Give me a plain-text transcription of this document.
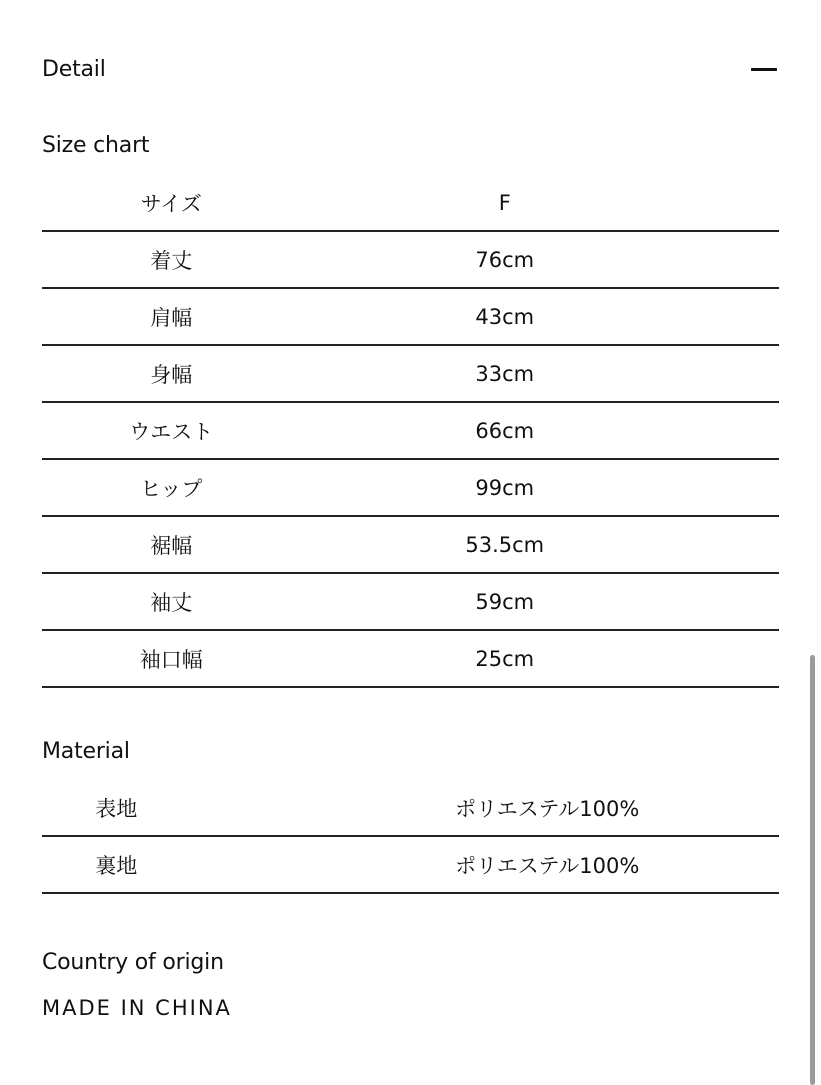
Detail
Size chart
サイズ	F
着丈	76cm
肩幅	43cm
身幅	33cm
ウエスト	66cm
ヒップ	99cm
裾幅	53.5cm
袖丈	59cm
袖口幅	25cm
Material
表地	ポリエステル100%
裏地	ポリエステル100%
Country of origin
MADE IN CHINA
